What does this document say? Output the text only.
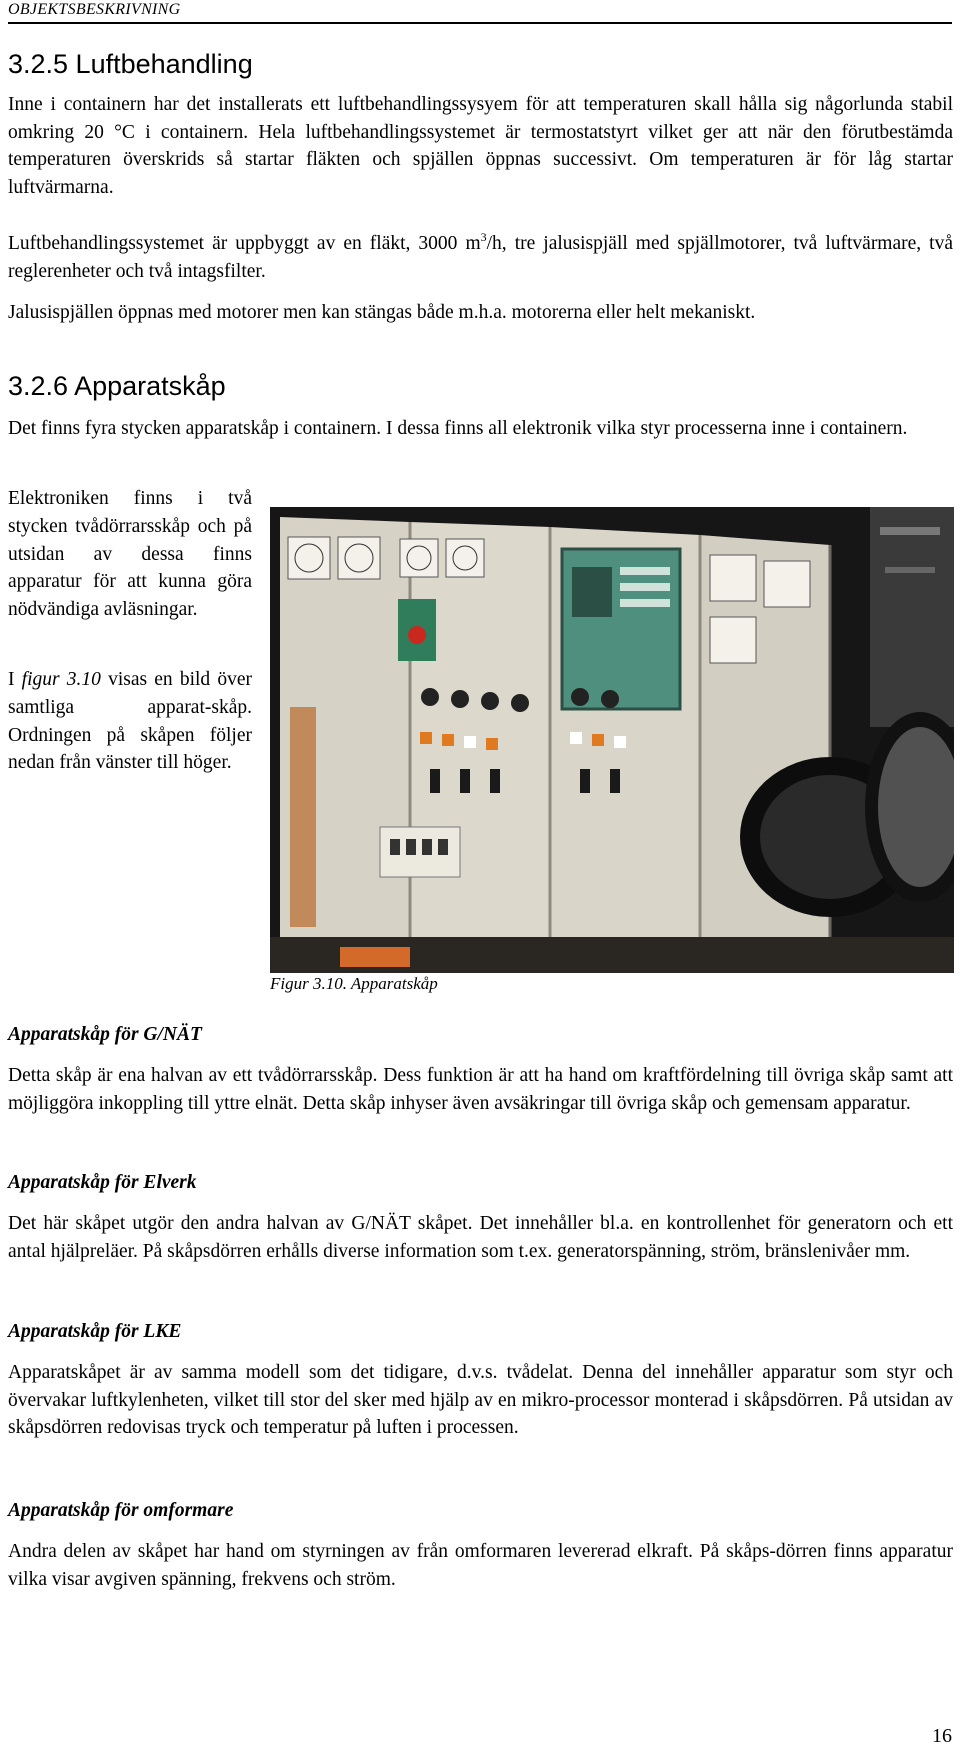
OBJEKTSBESKRIVNING
3.2.5 Luftbehandling

Inne i containern har det installerats ett luftbehandlingssysyem för att temperaturen skall hålla sig någorlunda stabil omkring 20 °C i containern. Hela luftbehandlingssystemet är termostatstyrt vilket ger att när den förutbestämda temperaturen överskrids så startar fläkten och spjällen öppnas successivt. Om temperaturen är för låg startar luftvärmarna.

Luftbehandlingssystemet är uppbyggt av en fläkt, 3000 $m^3/h$, tre jalusispjäll med spjällmotorer, två luftvärmare, två reglerenheter och två intagsfilter.

Jalusispjällen öppnas med motorer men kan stängas både m.h.a. motorerna eller helt mekaniskt.

3.2.6 Apparatskåp

Det finns fyra stycken apparatskåp i containern. I dessa finns all elektronik vilka styr processerna inne i containern.

Elektroniken finns i två stycken tvådörrarsskåp och på utsidan av dessa finns apparatur för att kunna göra nödvändiga avläsningar.

I figur 3.10 visas en bild över samtliga apparat-skåp. Ordningen på skåpen följer nedan från vänster till höger.

Figur 3.10. Apparatskåp

Apparatskåp för G/NÄT

Detta skåp är ena halvan av ett tvådörrarsskåp. Dess funktion är att ha hand om kraftfördelning till övriga skåp samt att möjliggöra inkoppling till yttre elnät. Detta skåp inhyser även avsäkringar till övriga skåp och gemensam apparatur.

Apparatskåp för Elverk

Det här skåpet utgör den andra halvan av G/NÄT skåpet. Det innehåller bl.a. en kontrollenhet för generatorn och ett antal hjälpreläer. På skåpsdörren erhålls diverse information som t.ex. generatorspänning, ström, bränslenivåer mm.

Apparatskåp för LKE

Apparatskåpet är av samma modell som det tidigare, d.v.s. tvådelat. Denna del innehåller apparatur som styr och övervakar luftkylenheten, vilket till stor del sker med hjälp av en mikro-processor monterad i skåpsdörren. På utsidan av skåpsdörren redovisas tryck och temperatur på luften i processen.

Apparatskåp för omformare

Andra delen av skåpet har hand om styrningen av från omformaren levererad elkraft. På skåps-dörren finns apparatur vilka visar avgiven spänning, frekvens och ström.

16
